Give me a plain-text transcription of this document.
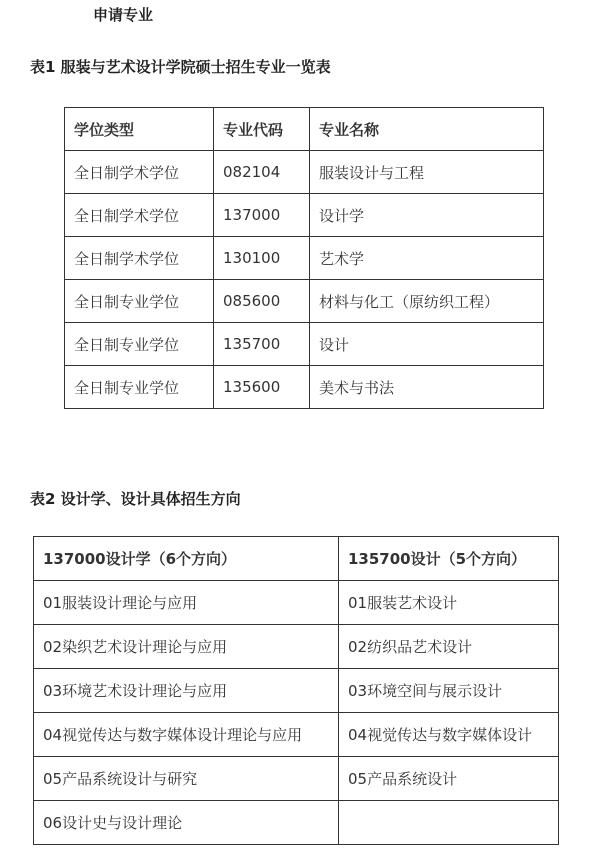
申请专业
表1 服装与艺术设计学院硕士招生专业一览表
学位类型	专业代码	专业名称
全日制学术学位	082104	服装设计与工程
全日制学术学位	137000	设计学
全日制学术学位	130100	艺术学
全日制专业学位	085600	材料与化工（原纺织工程）
全日制专业学位	135700	设计
全日制专业学位	135600	美术与书法
表2 设计学、设计具体招生方向
137000设计学（6个方向）	135700设计（5个方向）
01服装设计理论与应用	01服装艺术设计
02染织艺术设计理论与应用	02纺织品艺术设计
03环境艺术设计理论与应用	03环境空间与展示设计
04视觉传达与数字媒体设计理论与应用	04视觉传达与数字媒体设计
05产品系统设计与研究	05产品系统设计
06设计史与设计理论	
